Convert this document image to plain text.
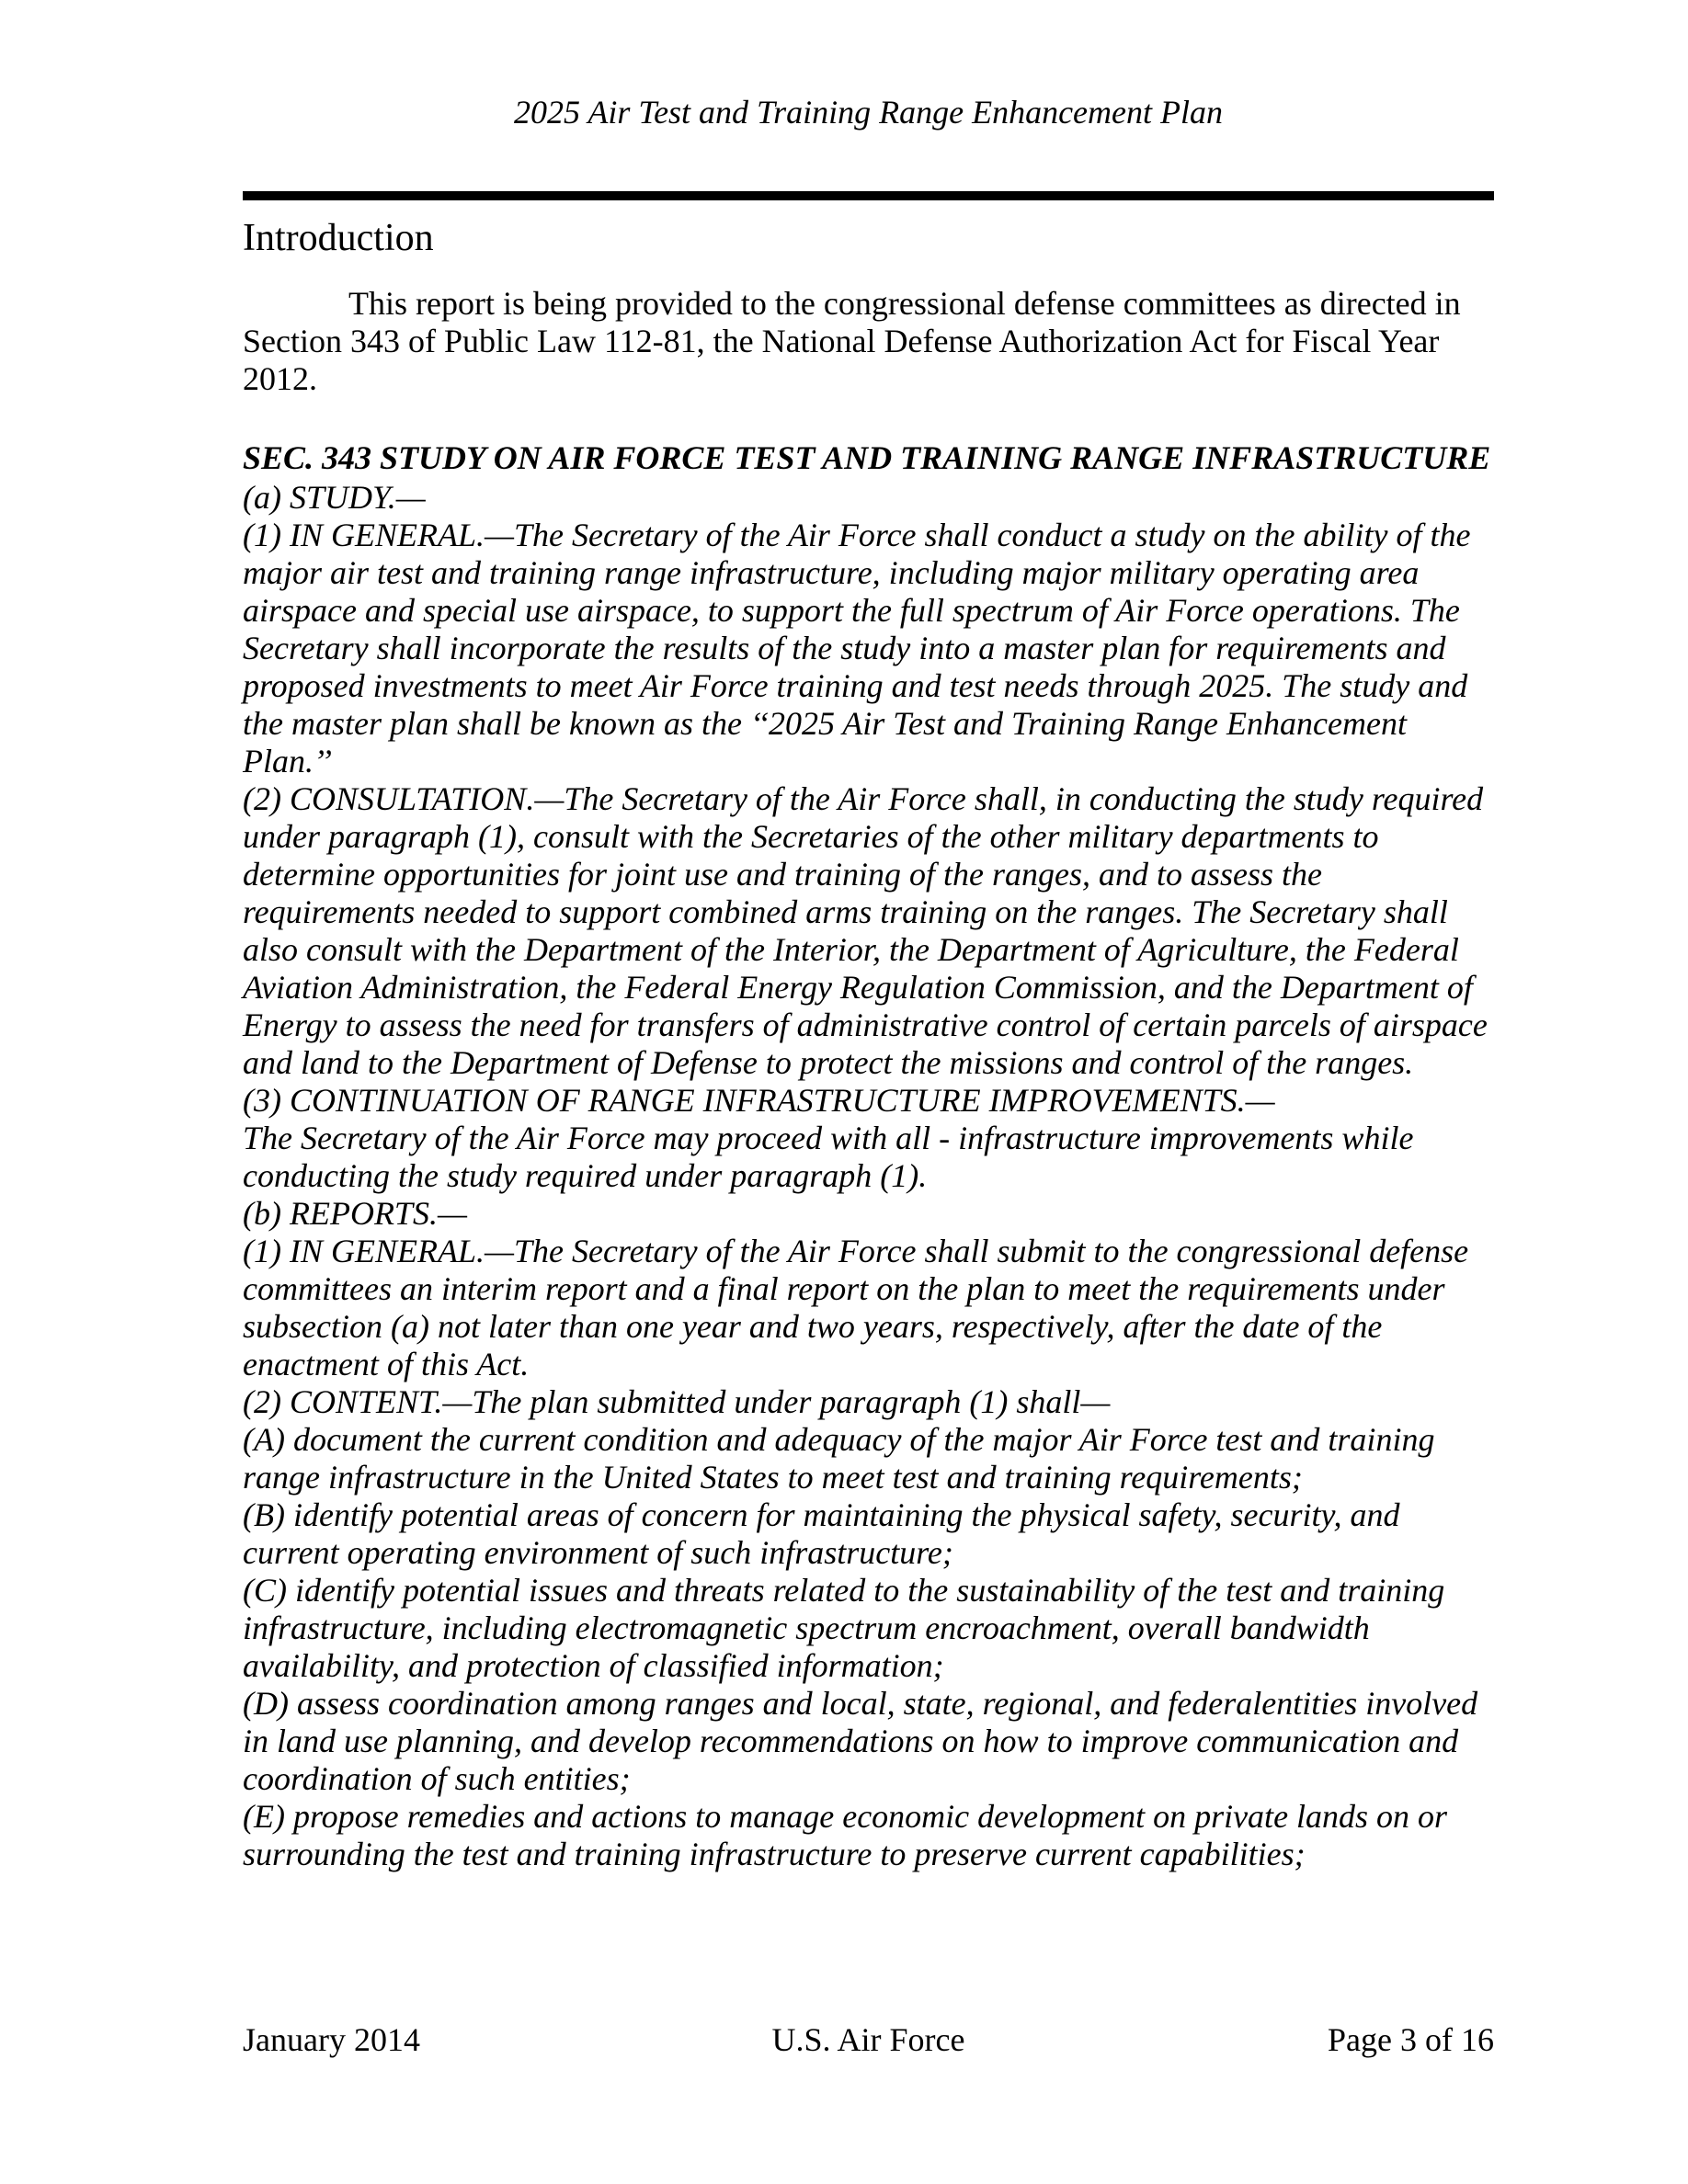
2025 Air Test and Training Range Enhancement Plan
Introduction

This report is being provided to the congressional defense committees as directed in Section 343 of Public Law 112-81, the National Defense Authorization Act for Fiscal Year 2012.

SEC. 343 STUDY ON AIR FORCE TEST AND TRAINING RANGE INFRASTRUCTURE

(a) STUDY.—

(1) IN GENERAL.—The Secretary of the Air Force shall conduct a study on the ability of the major air test and training range infrastructure, including major military operating area airspace and special use airspace, to support the full spectrum of Air Force operations. The Secretary shall incorporate the results of the study into a master plan for requirements and proposed investments to meet Air Force training and test needs through 2025. The study and the master plan shall be known as the ‘‘2025 Air Test and Training Range Enhancement Plan.’’

(2) CONSULTATION.—The Secretary of the Air Force shall, in conducting the study required under paragraph (1), consult with the Secretaries of the other military departments to determine opportunities for joint use and training of the ranges, and to assess the requirements needed to support combined arms training on the ranges. The Secretary shall also consult with the Department of the Interior, the Department of Agriculture, the Federal Aviation Administration, the Federal Energy Regulation Commission, and the Department of Energy to assess the need for transfers of administrative control of certain parcels of airspace and land to the Department of Defense to protect the missions and control of the ranges.

(3) CONTINUATION OF RANGE INFRASTRUCTURE IMPROVEMENTS.—

The Secretary of the Air Force may proceed with all - infrastructure improvements while conducting the study required under paragraph (1).

(b) REPORTS.—

(1) IN GENERAL.—The Secretary of the Air Force shall submit to the congressional defense committees an interim report and a final report on the plan to meet the requirements under subsection (a) not later than one year and two years, respectively, after the date of the enactment of this Act.

(2) CONTENT.—The plan submitted under paragraph (1) shall—

(A) document the current condition and adequacy of the major Air Force test and training range infrastructure in the United States to meet test and training requirements;

(B) identify potential areas of concern for maintaining the physical safety, security, and current operating environment of such infrastructure;

(C) identify potential issues and threats related to the sustainability of the test and training infrastructure, including electromagnetic spectrum encroachment, overall bandwidth availability, and protection of classified information;

(D) assess coordination among ranges and local, state, regional, and federalentities involved in land use planning, and develop recommendations on how to improve communication and coordination of such entities;

(E) propose remedies and actions to manage economic development on private lands on or surrounding the test and training infrastructure to preserve current capabilities;

January 2014	U.S. Air Force	Page 3 of 16
